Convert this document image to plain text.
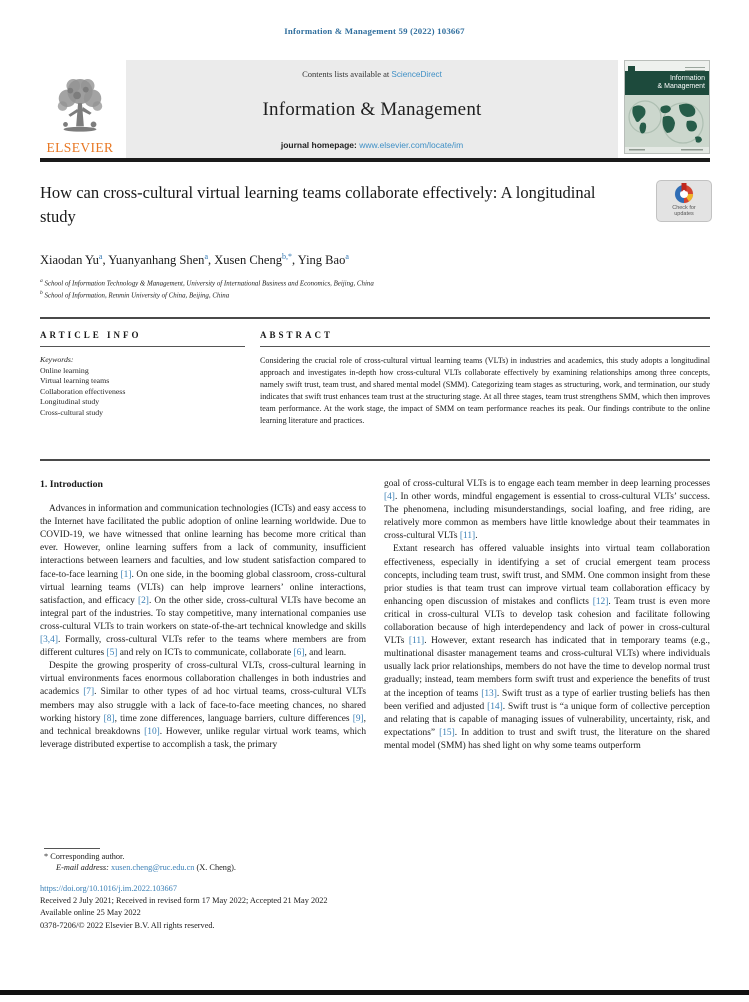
Information & Management 59 (2022) 103667
ELSEVIER
Contents lists available at ScienceDirect
Information & Management
journal homepage: www.elsevier.com/locate/im
Information
& Management
How can cross-cultural virtual learning teams collaborate effectively: A longitudinal study	Check for
updates
Xiaodan Yu$^a$, Yuanyanhang Shen$^a$, Xusen Cheng$^{b,*}$, Ying Bao$^a$
$^a$ School of Information Technology & Management, University of International Business and Economics, Beijing, China
$^b$ School of Information, Renmin University of China, Beijing, China
ARTICLE INFO
Keywords:
Online learning
Virtual learning teams
Collaboration effectiveness
Longitudinal study
Cross-cultural study
ABSTRACT
Considering the crucial role of cross-cultural virtual learning teams (VLTs) in industries and academics, this study adopts a longitudinal approach and investigates in-depth how cross-cultural VLTs collaborate effectively by examining relationships among three concepts, namely swift trust, team trust, and shared mental model (SMM). Categorizing team stages as structuring, work, and termination, our study indicates that swift trust enhances team trust at the structuring stage. At all three stages, team trust strengthens SMM, which then improves team performance. At the work stage, the impact of SMM on team performance reaches its peak. Our findings contribute to the online learning literature and practices.
1. Introduction

Advances in information and communication technologies (ICTs) and easy access to the Internet have facilitated the public adoption of online learning worldwide. Due to COVID-19, we have witnessed that online learning has become more critical than ever. However, online learning suffers from a lack of community, insufficient interactions between learners and faculties, and low student satisfaction compared to face-to-face learning [1]. On one side, in the booming global classroom, cross-cultural virtual learning teams (VLTs) can help improve learners’ online interactions, satisfaction, and efficacy [2]. On the other side, cross-cultural VLTs have become an integral part of the industries. To stay competitive, many international companies use cross-cultural VLTs to train workers on state-of-the-art technical knowledge and skills [3,4]. Formally, cross-cultural VLTs refer to the teams where members are from different cultures [5] and rely on ICTs to communicate, collaborate [6], and learn.

Despite the growing prosperity of cross-cultural VLTs, cross-cultural learning in virtual environments faces enormous collaboration challenges in both industries and academics [7]. Similar to other types of ad hoc virtual teams, cross-cultural VLTs members may also struggle with a lack of face-to-face meeting chances, no shared working history [8], time zone differences, language barriers, culture differences [9], and technical breakdowns [10]. However, unlike regular virtual work teams, which leverage distributed expertise to accomplish a task, the primary

goal of cross-cultural VLTs is to engage each team member in deep learning processes [4]. In other words, mindful engagement is essential to cross-cultural VLTs’ success. The phenomena, including misunderstandings, social loafing, and free riding, are relatively more common as members have little knowledge about their teammates in cross-cultural VLTs [11].

Extant research has offered valuable insights into virtual team collaboration effectiveness, especially in identifying a set of crucial emergent team process concepts, including team trust, swift trust, and SMM. One common insight from these prior studies is that team trust can improve virtual team collaboration efficacy by enhancing open discussion of mistakes and conflicts [12]. Team trust is even more critical in cross-cultural VLTs to develop task cohesion and facilitate following collaboration because of high interdependency and lack of power in cross-cultural VLTs [11]. However, extant research has indicated that in temporary teams (e.g., multinational disaster management teams and cross-cultural VLTs) where individuals usually lack prior relationships, members do not have the time to develop normal trust gradually; instead, team members form swift trust and experience the benefits of trust at the inception of teams [13]. Swift trust as a type of earlier trusting beliefs has then been verified and adjusted [14]. Swift trust is “a unique form of collective perception and relating that is capable of managing issues of vulnerability, uncertainty, risk, and expectations” [15]. In addition to trust and swift trust, the literature on the shared mental model (SMM) has shed light on why some teams outperform

* Corresponding author.
E-mail address: xusen.cheng@ruc.edu.cn (X. Cheng).
https://doi.org/10.1016/j.im.2022.103667
Received 2 July 2021; Received in revised form 17 May 2022; Accepted 21 May 2022
Available online 25 May 2022
0378-7206/© 2022 Elsevier B.V. All rights reserved.
